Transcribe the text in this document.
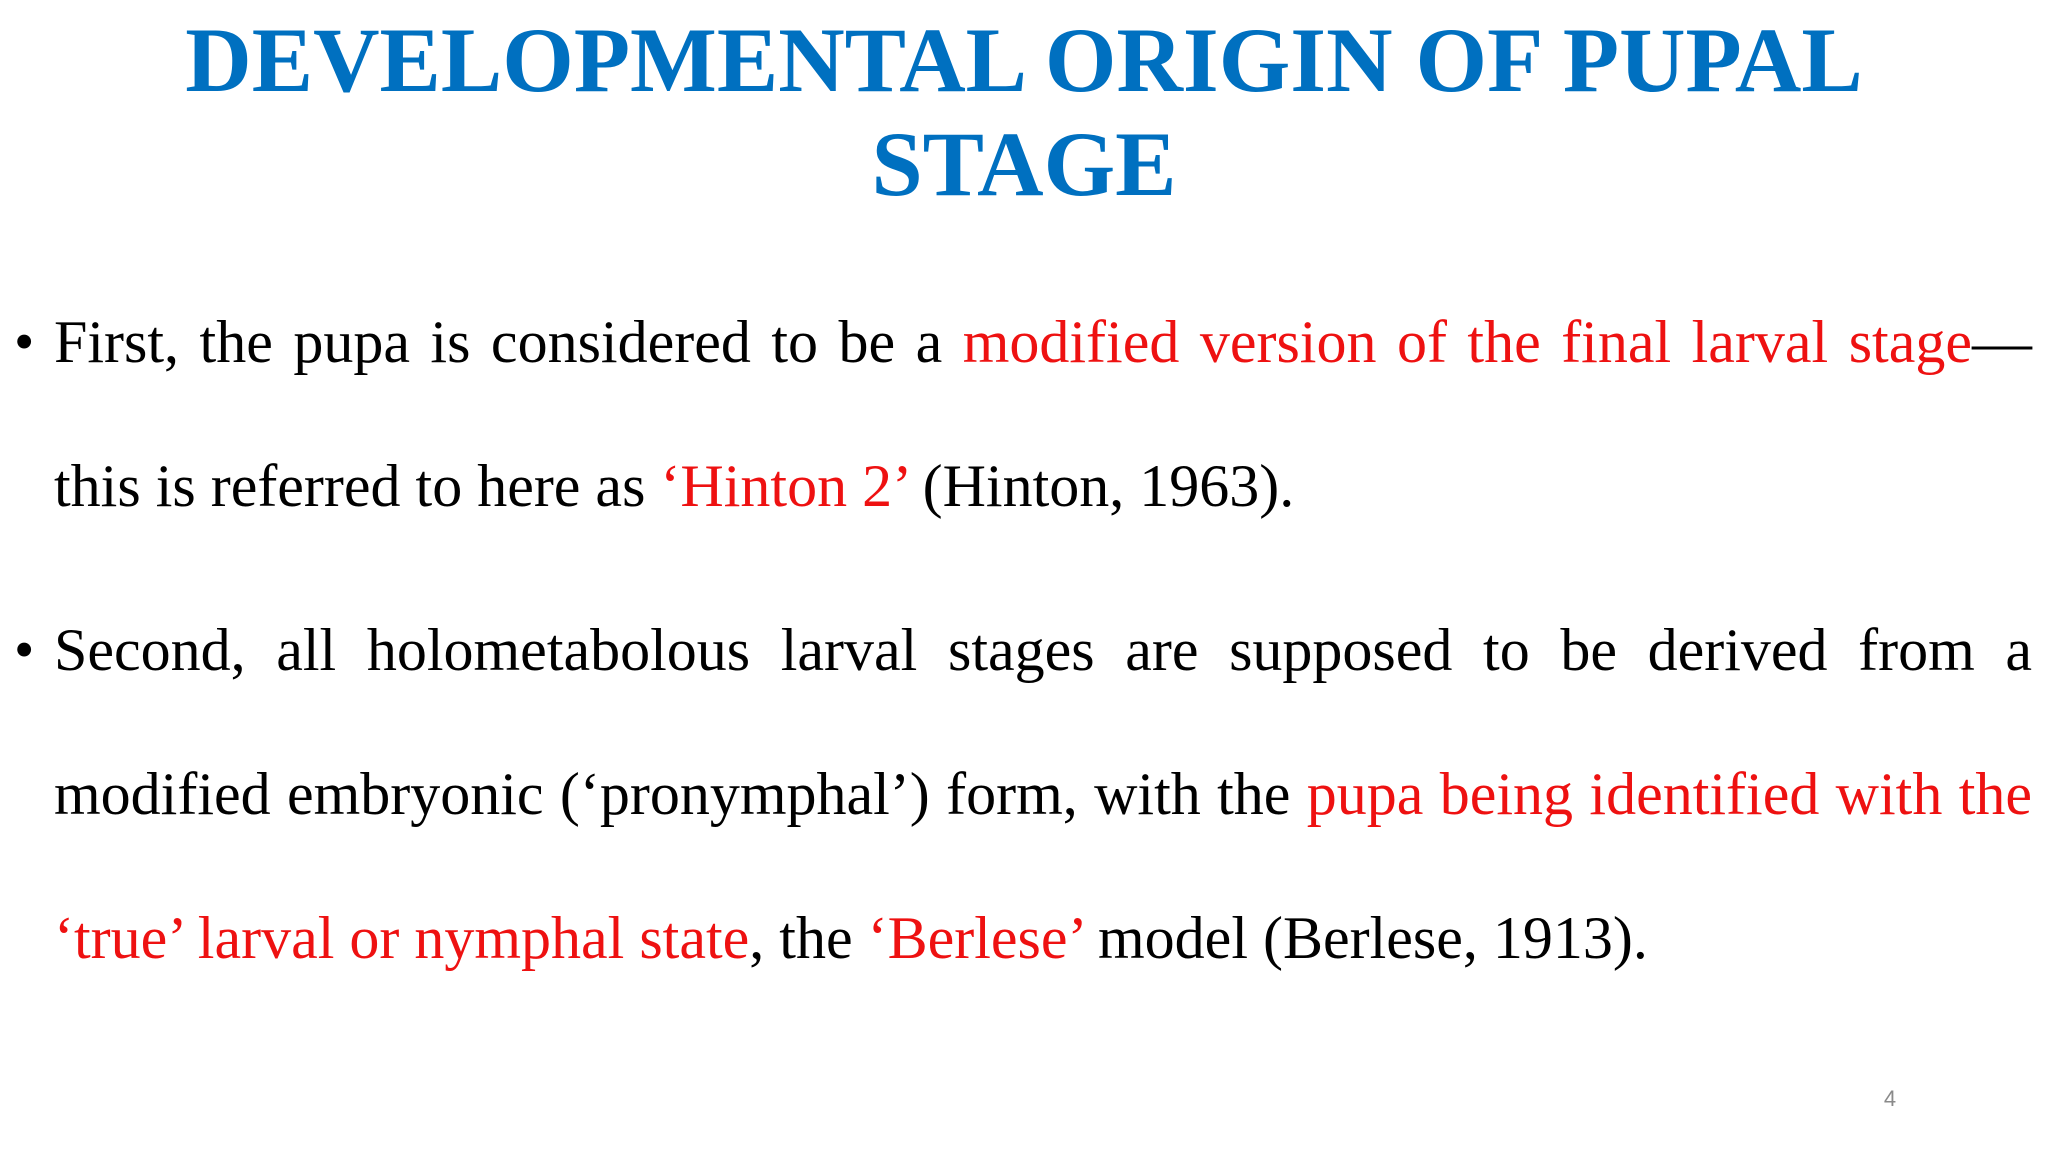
DEVELOPMENTAL ORIGIN OF PUPAL
STAGE
• First, the pupa is considered to be a modified version of the final larval stage—this is referred to here as ‘Hinton 2’ (Hinton, 1963).

• Second, all holometabolous larval stages are supposed to be derived from a modified embryonic (‘pronymphal’) form, with the pupa being identified with the ‘true’ larval or nymphal state, the ‘Berlese’ model (Berlese, 1913).

4
